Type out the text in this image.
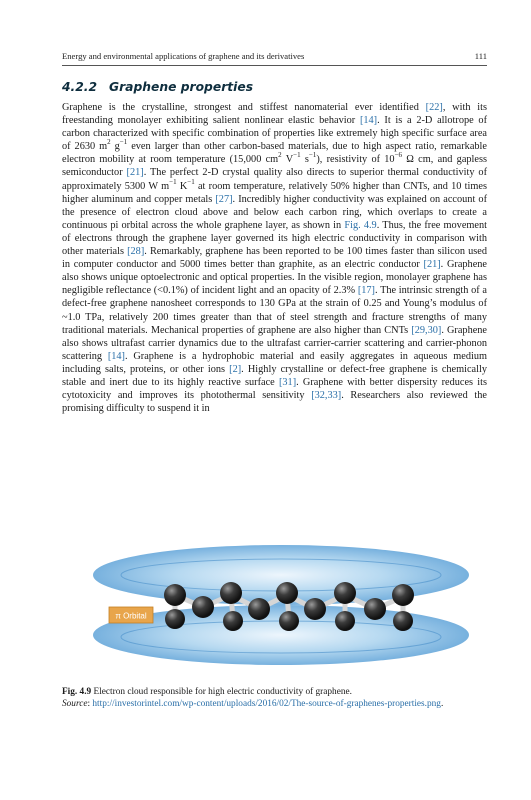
Energy and environmental applications of graphene and its derivatives	111
4.2.2 Graphene properties
Graphene is the crystalline, strongest and stiffest nanomaterial ever identified [22], with its freestanding monolayer exhibiting salient nonlinear elastic behavior [14]. It is a 2-D allotrope of carbon characterized with specific combination of properties like extremely high specific surface area of 2630 $m^2$ $g^{-1}$ even larger than other carbon-based materials, due to high aspect ratio, remarkable electron mobility at room temperature (15,000 $cm^2$ $V^{-1}$ $s^{-1}$), resistivity of $10^{-6}$ Ω cm, and gapless semiconductor [21]. The perfect 2-D crystal quality also directs to superior thermal conductivity of approximately 5300 W $m^{-1}$ $K^{-1}$ at room temperature, relatively 50% higher than CNTs, and 10 times higher aluminum and copper metals [27]. Incredibly higher conductivity was explained on account of the presence of electron cloud above and below each carbon ring, which overlaps to create a continuous pi orbital across the whole graphene layer, as shown in Fig. 4.9. Thus, the free movement of electrons through the graphene layer governed its high electric conductivity in comparison with other materials [28]. Remarkably, graphene has been reported to be 100 times faster than silicon used in computer conductor and 5000 times better than graphite, as an electric conductor [21]. Graphene also shows unique optoelectronic and optical properties. In the visible region, monolayer graphene has negligible reflectance (<0.1%) of incident light and an opacity of 2.3% [17]. The intrinsic strength of a defect-free graphene nanosheet corresponds to 130 GPa at the strain of 0.25 and Young’s modulus of ~1.0 TPa, relatively 200 times greater than that of steel strength and fracture strengths of many traditional materials. Mechanical properties of graphene are also higher than CNTs [29,30]. Graphene also shows ultrafast carrier dynamics due to the ultrafast carrier-carrier scattering and carrier-phonon scattering [14]. Graphene is a hydrophobic material and easily aggregates in aqueous medium including salts, proteins, or other ions [2]. Highly crystalline or defect-free graphene is chemically stable and inert due to its highly reactive surface [31]. Graphene with better dispersity reduces its cytotoxicity and improves its photothermal sensitivity [32,33]. Researchers also reviewed the promising difficulty to suspend it in
π Orbital
Fig. 4.9 Electron cloud responsible for high electric conductivity of graphene.
Source: http://investorintel.com/wp-content/uploads/2016/02/The-source-of-graphenes-properties.png.
